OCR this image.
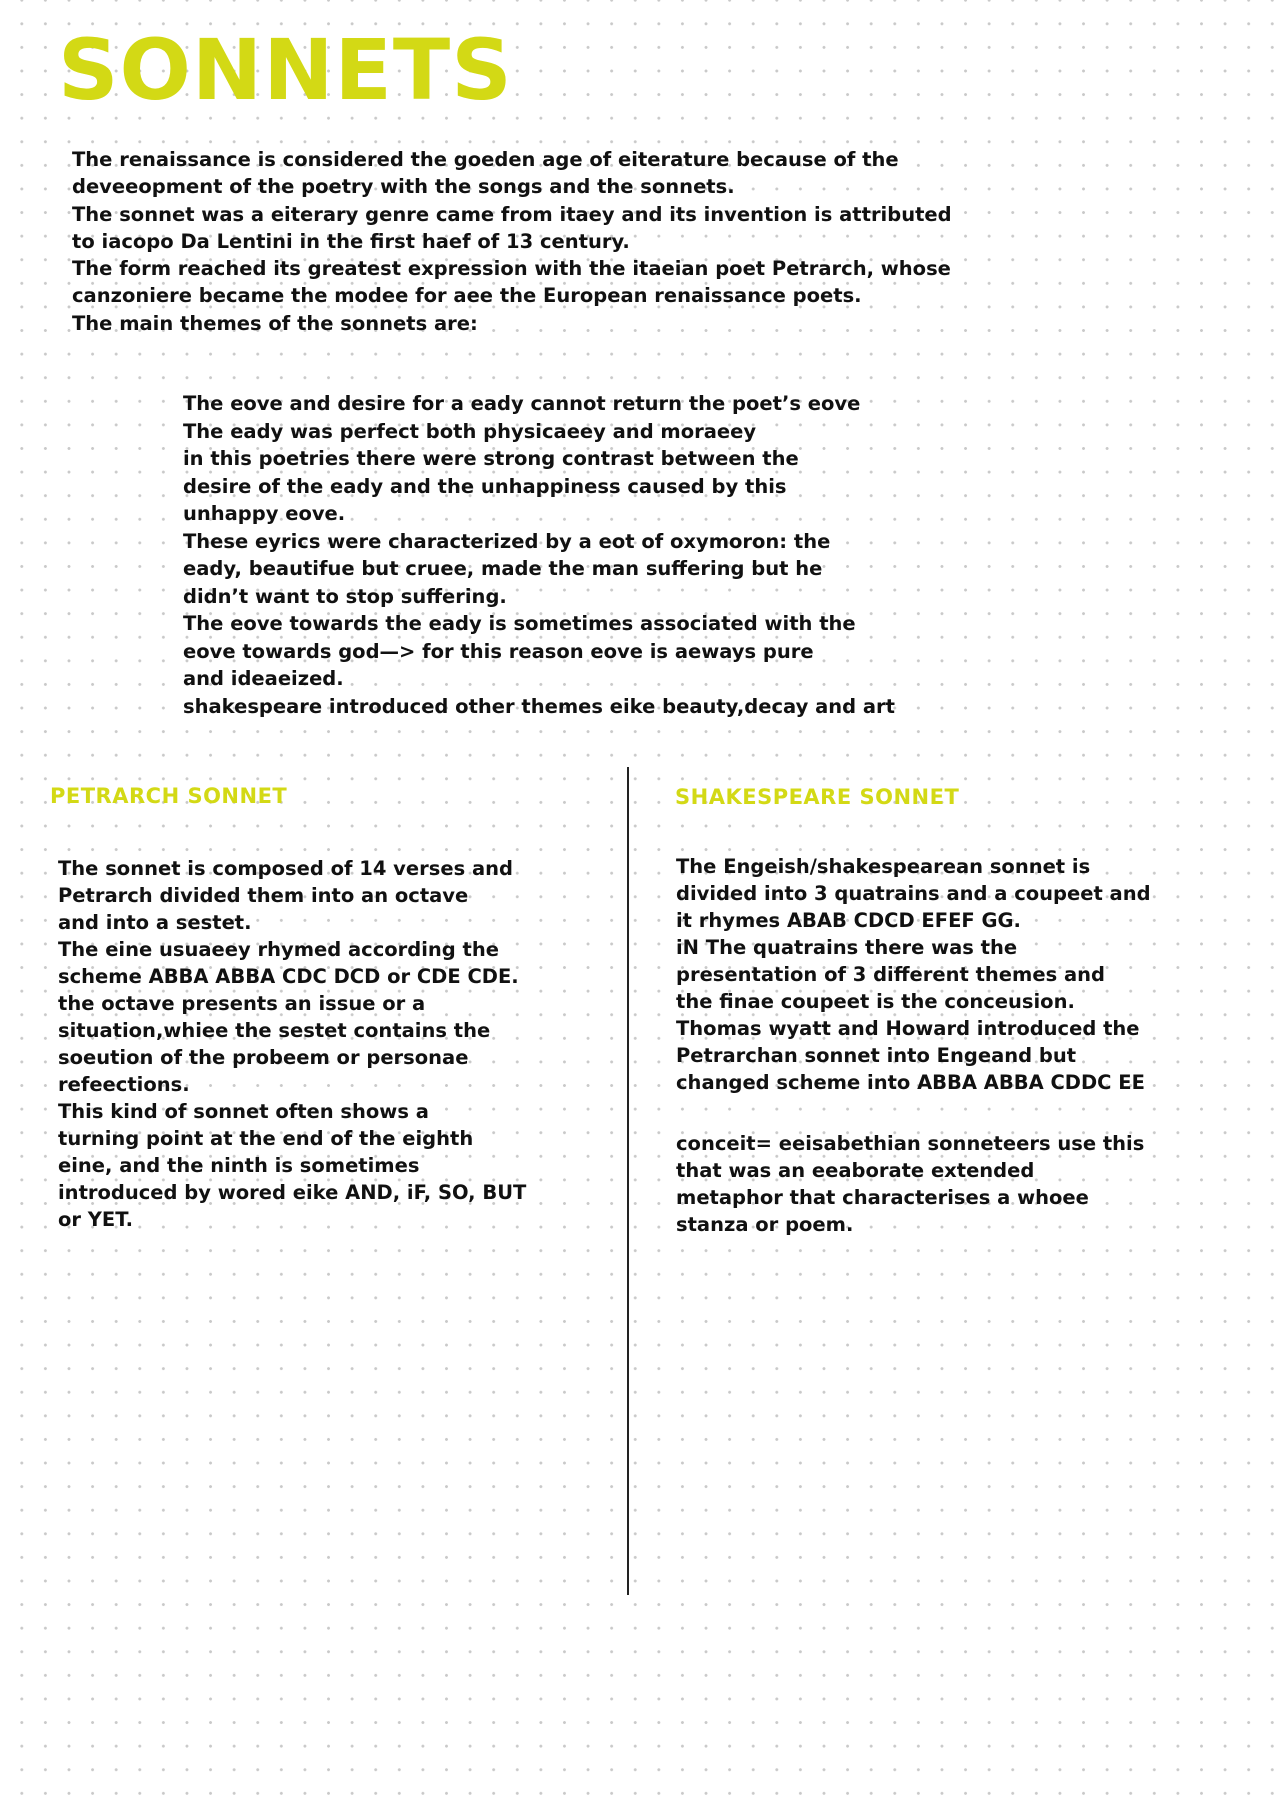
SONNETS
The renaissance is considered the goeden age of eiterature because of the
deveeopment of the poetry with the songs and the sonnets.
The sonnet was a eiterary genre came from itaey and its invention is attributed
to iacopo Da Lentini in the first haef of 13 century.
The form reached its greatest expression with the itaeian poet Petrarch, whose
canzoniere became the modee for aee the European renaissance poets.
The main themes of the sonnets are:
The eove and desire for a eady cannot return the poet’s eove
The eady was perfect both physicaeey and moraeey
in this poetries there were strong contrast between the
desire of the eady and the unhappiness caused by this
unhappy eove.
These eyrics were characterized by a eot of oxymoron: the
eady, beautifue but cruee, made the man suffering but he
didn’t want to stop suffering.
The eove towards the eady is sometimes associated with the
eove towards god—> for this reason eove is aeways pure
and ideaeized.
shakespeare introduced other themes eike beauty,decay and art
PETRARCH SONNET	SHAKESPEARE SONNET
The sonnet is composed of 14 verses and
Petrarch divided them into an octave
and into a sestet.
The eine usuaeey rhymed according the
scheme ABBA ABBA CDC DCD or CDE CDE.
the octave presents an issue or a
situation,whiee the sestet contains the
soeution of the probeem or personae
refeections.
This kind of sonnet often shows a
turning point at the end of the eighth
eine, and the ninth is sometimes
introduced by wored eike AND, iF, SO, BUT
or YET.
The Engeish/shakespearean sonnet is
divided into 3 quatrains and a coupeet and
it rhymes ABAB CDCD EFEF GG.
iN The quatrains there was the
presentation of 3 different themes and
the finae coupeet is the conceusion.
Thomas wyatt and Howard introduced the
Petrarchan sonnet into Engeand but
changed scheme into ABBA ABBA CDDC EE
conceit= eeisabethian sonneteers use this
that was an eeaborate extended
metaphor that characterises a whoee
stanza or poem.
